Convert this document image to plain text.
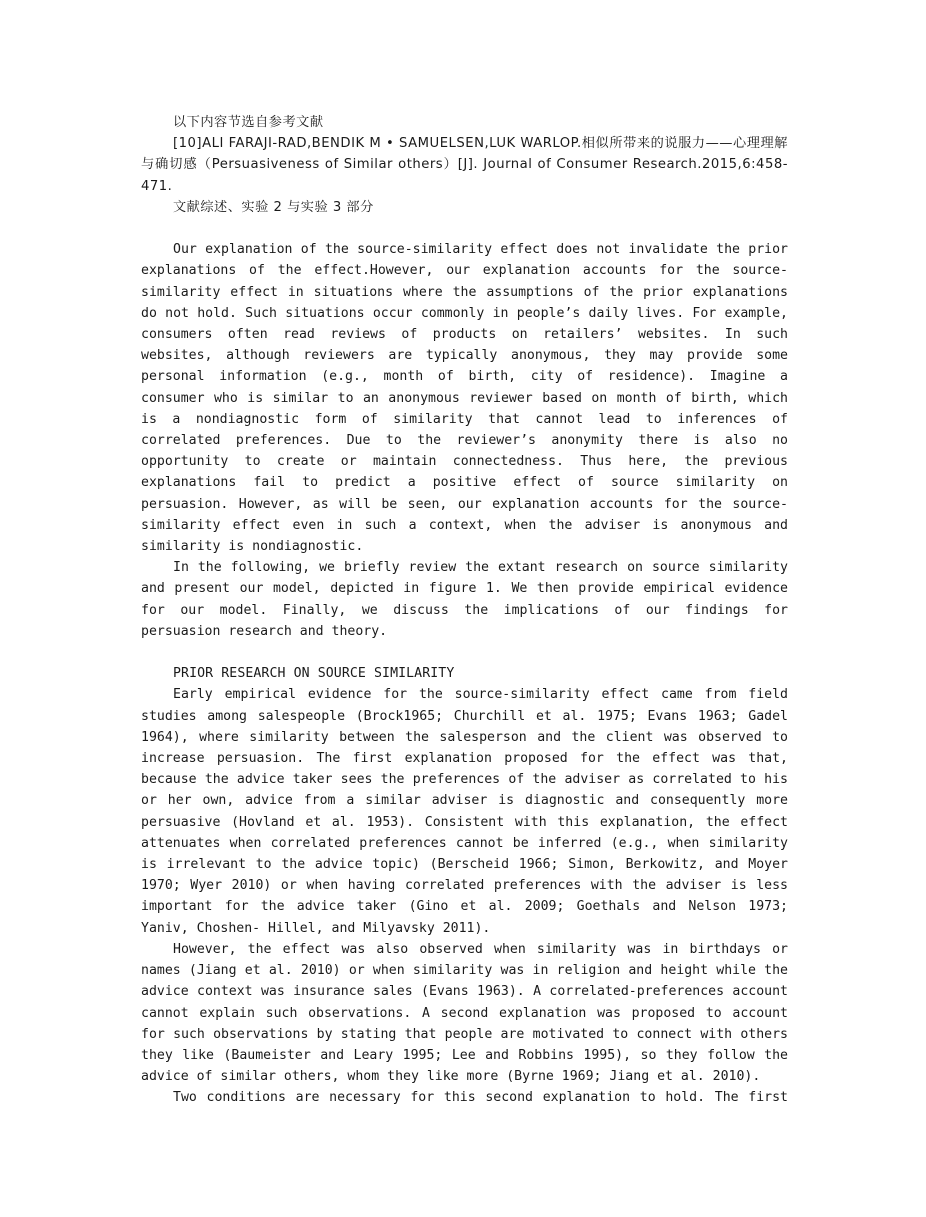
以下内容节选自参考文献

[10]ALI FARAJI-RAD,BENDIK M • SAMUELSEN,LUK WARLOP.相似所带来的说服力——心理理解与确切感（Persuasiveness of Similar others）[J]. Journal of Consumer Research.2015,6:458-471.

文献综述、实验 2 与实验 3 部分

Our explanation of the source-similarity effect does not invalidate the prior explanations of the effect.However, our explanation accounts for the source-similarity effect in situations where the assumptions of the prior explanations do not hold. Such situations occur commonly in people’s daily lives. For example, consumers often read reviews of products on retailers’ websites. In such websites, although reviewers are typically anonymous, they may provide some personal information (e.g., month of birth, city of residence). Imagine a consumer who is similar to an anonymous reviewer based on month of birth, which is a nondiagnostic form of similarity that cannot lead to inferences of correlated preferences. Due to the reviewer’s anonymity there is also no opportunity to create or maintain connectedness. Thus here, the previous explanations fail to predict a positive effect of source similarity on persuasion. However, as will be seen, our explanation accounts for the source-similarity effect even in such a context, when the adviser is anonymous and similarity is nondiagnostic.

In the following, we briefly review the extant research on source similarity and present our model, depicted in figure 1. We then provide empirical evidence for our model. Finally, we discuss the implications of our findings for persuasion research and theory.

PRIOR RESEARCH ON SOURCE SIMILARITY

Early empirical evidence for the source-similarity effect came from field studies among salespeople (Brock1965; Churchill et al. 1975; Evans 1963; Gadel 1964), where similarity between the salesperson and the client was observed to increase persuasion. The first explanation proposed for the effect was that, because the advice taker sees the preferences of the adviser as correlated to his or her own, advice from a similar adviser is diagnostic and consequently more persuasive (Hovland et al. 1953). Consistent with this explanation, the effect attenuates when correlated preferences cannot be inferred (e.g., when similarity is irrelevant to the advice topic) (Berscheid 1966; Simon, Berkowitz, and Moyer 1970; Wyer 2010) or when having correlated preferences with the adviser is less important for the advice taker (Gino et al. 2009; Goethals and Nelson 1973; Yaniv, Choshen- Hillel, and Milyavsky 2011).

However, the effect was also observed when similarity was in birthdays or names (Jiang et al. 2010) or when similarity was in religion and height while the advice context was insurance sales (Evans 1963). A correlated-preferences account cannot explain such observations. A second explanation was proposed to account for such observations by stating that people are motivated to connect with others they like (Baumeister and Leary 1995; Lee and Robbins 1995), so they follow the advice of similar others, whom they like more (Byrne 1969; Jiang et al. 2010).

Two conditions are necessary for this second explanation to hold. The first
